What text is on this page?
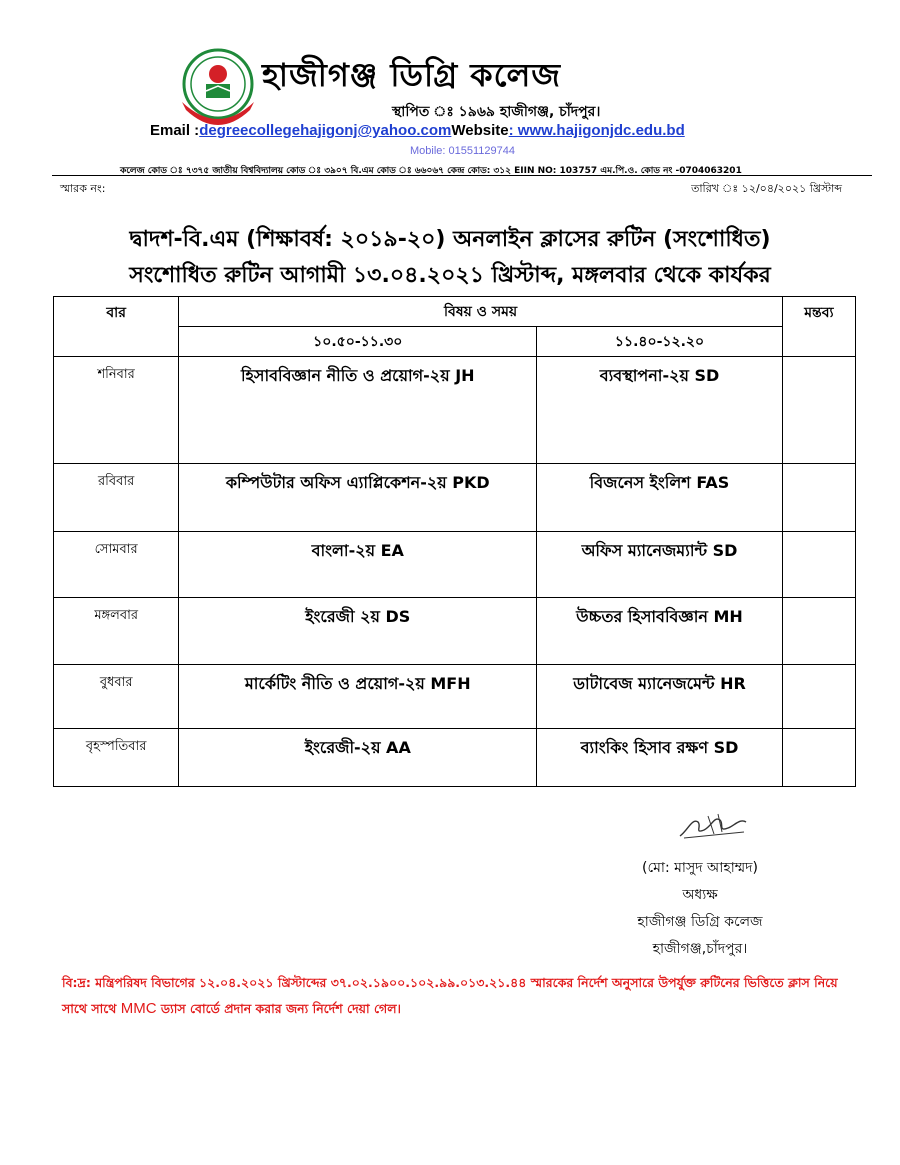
হাজীগঞ্জ ডিগ্রি কলেজ
স্থাপিত ঃ ১৯৬৯ হাজীগঞ্জ, চাঁদপুর।
Email :degreecollegehajigonj@yahoo.comWebsite: www.hajigonjdc.edu.bd
Mobile: 01551129744
কলেজ কোড ঃ ৭৩৭৫ জাতীয় বিশ্ববিদ্যালয় কোড ঃ ৩৯০৭ বি.এম কোড ঃ ৬৬০৬৭ কেন্দ্র কোড: ৩১২ EIIN NO: 103757 এম.পি.ও. কোড নং -0704063201
স্মারক নং:	তারিখ ঃ ১২/০৪/২০২১ খ্রিস্টাব্দ
দ্বাদশ-বি.এম (শিক্ষাবর্ষ: ২০১৯-২০) অনলাইন ক্লাসের রুটিন (সংশোধিত)
সংশোধিত রুটিন আগামী ১৩.০৪.২০২১ খ্রিস্টাব্দ, মঙ্গলবার থেকে কার্যকর
বার	বিষয় ও সময়		মন্তব্য
	১০.৫০-১১.৩০	১১.৪০-১২.২০	
শনিবার	হিসাববিজ্ঞান নীতি ও প্রয়োগ-২য় JH	ব্যবস্থাপনা-২য় SD	
রবিবার	কম্পিউটার অফিস এ্যাপ্লিকেশন-২য় PKD	বিজনেস ইংলিশ FAS	
সোমবার	বাংলা-২য় EA	অফিস ম্যানেজম্যান্ট SD	
মঙ্গলবার	ইংরেজী ২য় DS	উচ্চতর হিসাববিজ্ঞান MH	
বুধবার	মার্কেটিং নীতি ও প্রয়োগ-২য় MFH	ডাটাবেজ ম্যানেজমেন্ট HR	
বৃহস্পতিবার	ইংরেজী-২য় AA	ব্যাংকিং হিসাব রক্ষণ SD	
(মো: মাসুদ আহাম্মদ)
অধ্যক্ষ
হাজীগঞ্জ ডিগ্রি কলেজ
হাজীগঞ্জ,চাঁদপুর।
বি:দ্র: মন্ত্রিপরিষদ বিভাগের ১২.০৪.২০২১ খ্রিস্টাব্দের ৩৭.০২.১৯০০.১০২.৯৯.০১৩.২১.৪৪ স্মারকের নির্দেশ অনুসারে উপর্যুক্ত রুটিনের ভিত্তিতে ক্লাস নিয়ে সাথে সাথে MMC ড্যাস বোর্ডে প্রদান করার জন্য নির্দেশ দেয়া গেল।
